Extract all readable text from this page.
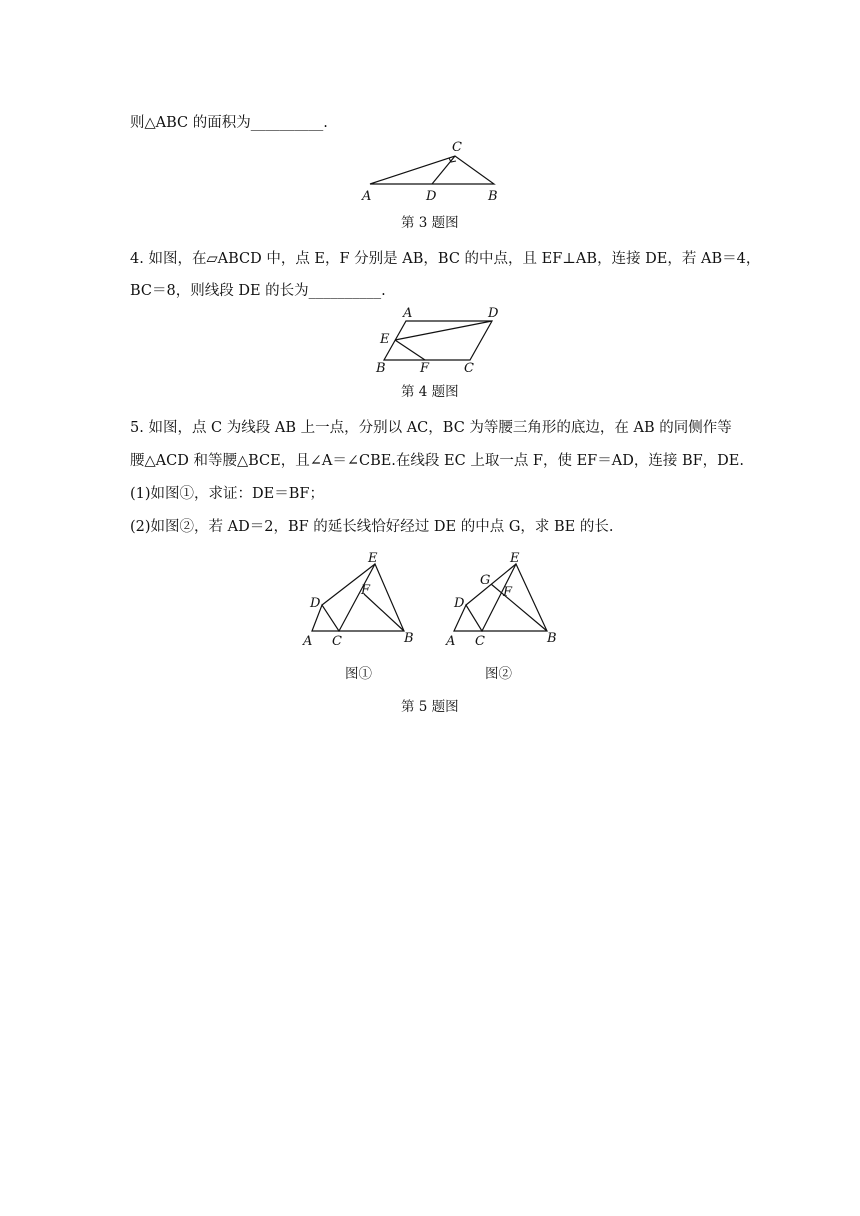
则△ABC 的面积为__________.
C
A	D	B
第 3 题图
4. 如图，在▱ABCD 中，点 E，F 分别是 AB，BC 的中点，且 EF⊥AB，连接 DE，若 AB＝4，
BC＝8，则线段 DE 的长为__________.
A	D
E
B	F	C
第 4 题图
5. 如图，点 C 为线段 AB 上一点，分别以 AC，BC 为等腰三角形的底边，在 AB 的同侧作等
腰△ACD 和等腰△BCE，且∠A＝∠CBE.在线段 EC 上取一点 F，使 EF＝AD，连接 BF，DE.
(1)如图①，求证：DE＝BF；
(2)如图②，若 AD＝2，BF 的延长线恰好经过 DE 的中点 G，求 BE 的长.
E
F
D
A C	B
E
G
F
D
A C	B
图①	图②
第 5 题图
